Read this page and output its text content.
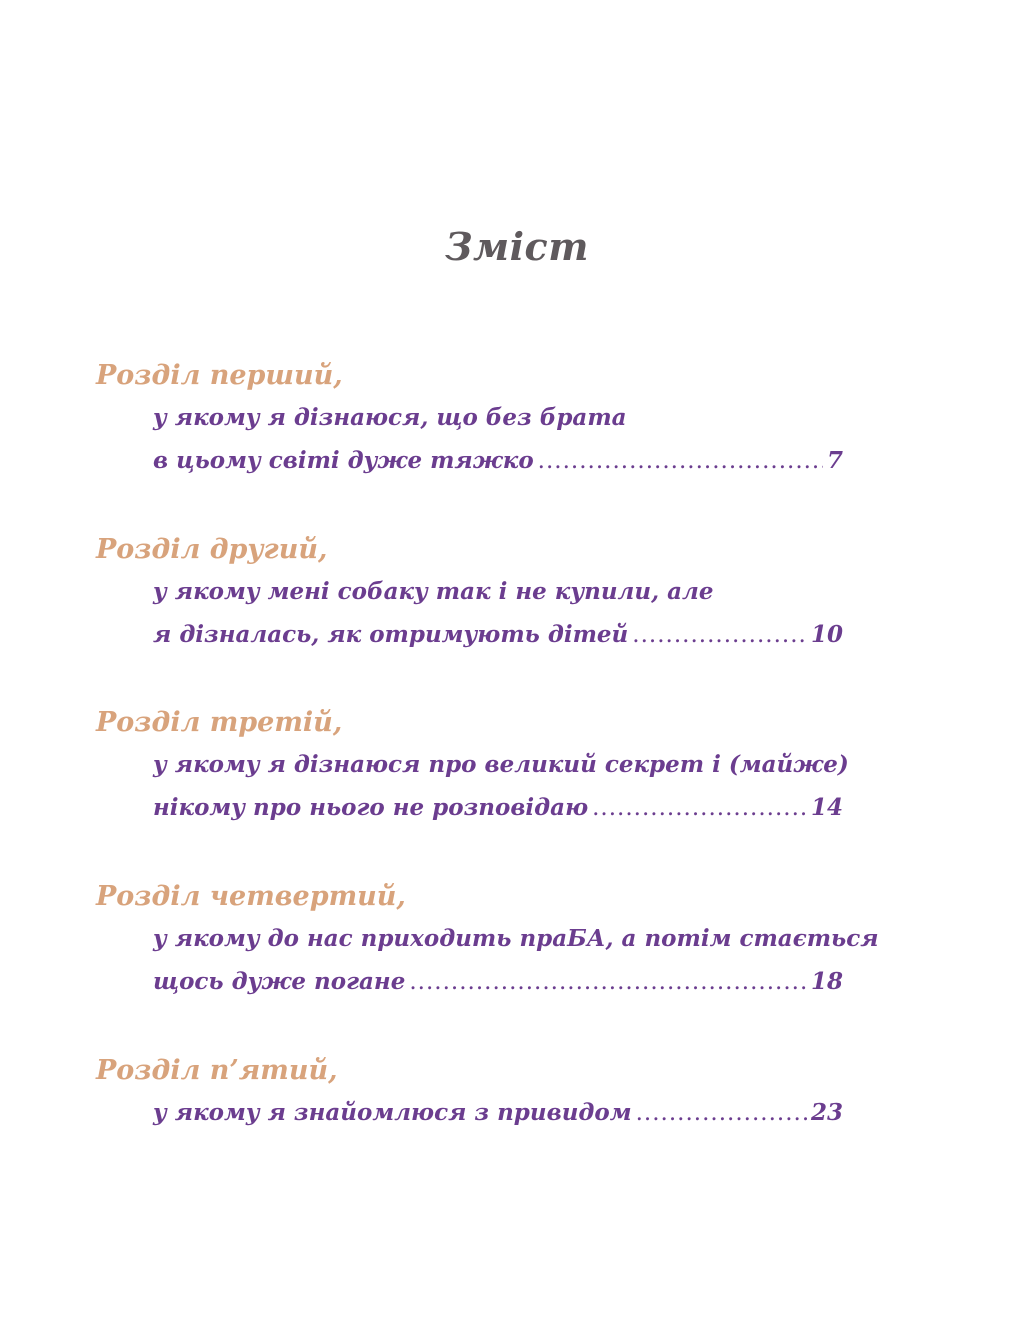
Зміст
Розділ перший,
у якому я дізнаюся, що без брата
в цьому світі дуже тяжко .....	7
Розділ другий,
у якому мені собаку так і не купили, але
я дізналась, як отримують дітей .....	10
Розділ третій,
у якому я дізнаюся про великий секрет і (майже)
нікому про нього не розповідаю .....	14
Розділ четвертий,
у якому до нас приходить праБА, а потім стається
щось дуже погане .....	18
Розділ п’ятий,
у якому я знайомлюся з привидом .....	23
